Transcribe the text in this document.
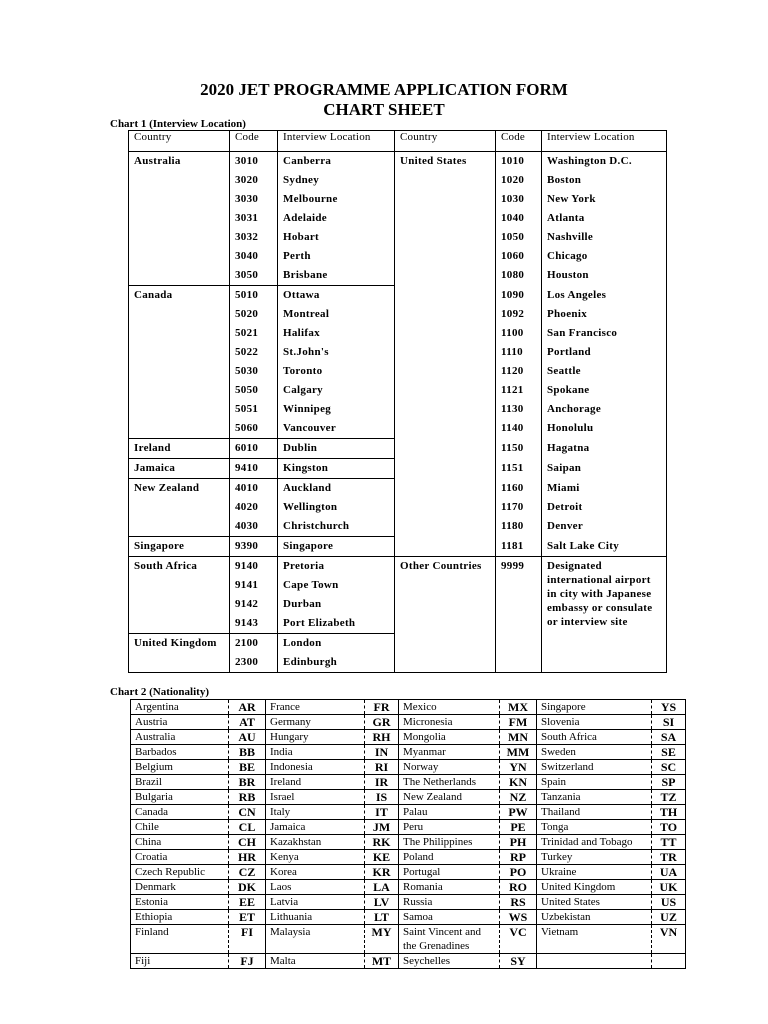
2020 JET PROGRAMME APPLICATION FORM
CHART SHEET
Chart 1 (Interview Location)
Country	Code	Interview Location	Country	Code	Interview Location
Australia	3010	Canberra	United States	1010	Washington D.C.
	3020	Sydney		1020	Boston
	3030	Melbourne		1030	New York
	3031	Adelaide		1040	Atlanta
	3032	Hobart		1050	Nashville
	3040	Perth		1060	Chicago
	3050	Brisbane		1080	Houston
Canada	5010	Ottawa		1090	Los Angeles
	5020	Montreal		1092	Phoenix
	5021	Halifax		1100	San Francisco
	5022	St.John's		1110	Portland
	5030	Toronto		1120	Seattle
	5050	Calgary		1121	Spokane
	5051	Winnipeg		1130	Anchorage
	5060	Vancouver		1140	Honolulu
Ireland	6010	Dublin		1150	Hagatna
Jamaica	9410	Kingston		1151	Saipan
New Zealand	4010	Auckland		1160	Miami
	4020	Wellington		1170	Detroit
	4030	Christchurch		1180	Denver
Singapore	9390	Singapore		1181	Salt Lake City
South Africa	9140	Pretoria	Other Countries	9999	Designated international airport in city with Japanese embassy or consulate or interview site
	9141	Cape Town			
	9142	Durban			
	9143	Port Elizabeth			
United Kingdom	2100	London			
	2300	Edinburgh			
Chart 2 (Nationality)
Argentina	AR	France	FR	Mexico	MX	Singapore	YS
Austria	AT	Germany	GR	Micronesia	FM	Slovenia	SI
Australia	AU	Hungary	RH	Mongolia	MN	South Africa	SA
Barbados	BB	India	IN	Myanmar	MM	Sweden	SE
Belgium	BE	Indonesia	RI	Norway	YN	Switzerland	SC
Brazil	BR	Ireland	IR	The Netherlands	KN	Spain	SP
Bulgaria	RB	Israel	IS	New Zealand	NZ	Tanzania	TZ
Canada	CN	Italy	IT	Palau	PW	Thailand	TH
Chile	CL	Jamaica	JM	Peru	PE	Tonga	TO
China	CH	Kazakhstan	RK	The Philippines	PH	Trinidad and Tobago	TT
Croatia	HR	Kenya	KE	Poland	RP	Turkey	TR
Czech Republic	CZ	Korea	KR	Portugal	PO	Ukraine	UA
Denmark	DK	Laos	LA	Romania	RO	United Kingdom	UK
Estonia	EE	Latvia	LV	Russia	RS	United States	US
Ethiopia	ET	Lithuania	LT	Samoa	WS	Uzbekistan	UZ
Finland	FI	Malaysia	MY	Saint Vincent and the Grenadines	VC	Vietnam	VN
Fiji	FJ	Malta	MT	Seychelles	SY		
